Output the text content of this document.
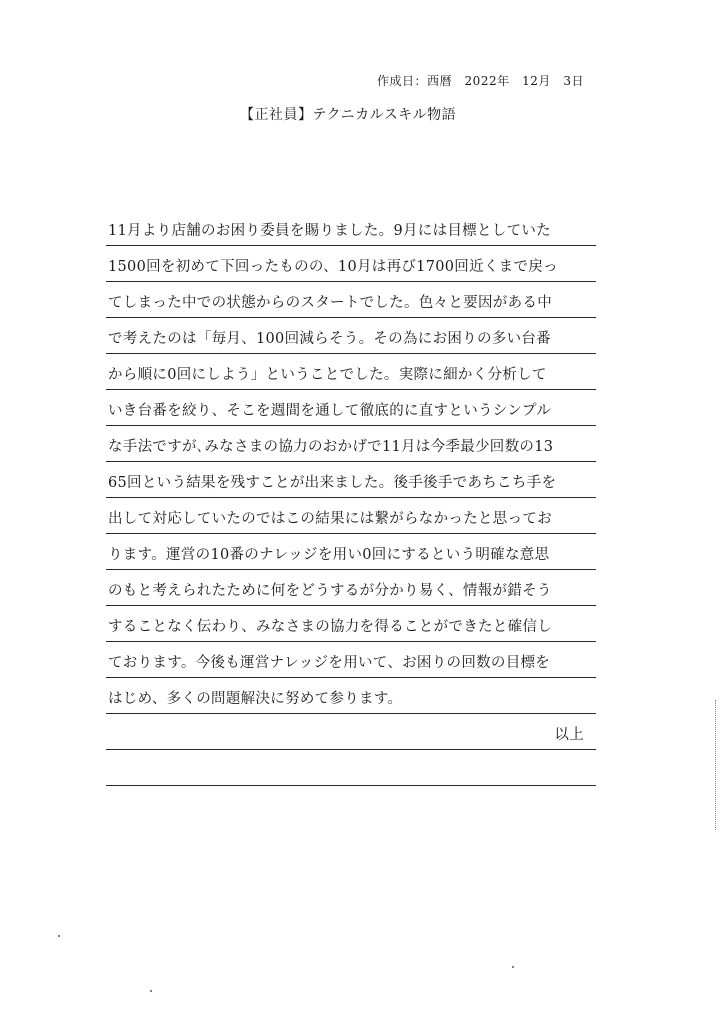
作成日：西暦　2022年　12月　3日
【正社員】テクニカルスキル物語
11月より店舗のお困り委員を賜りました。9月には目標としていた
1500回を初めて下回ったものの、10月は再び1700回近くまで戻っ
てしまった中での状態からのスタートでした。色々と要因がある中
で考えたのは「毎月、100回減らそう。その為にお困りの多い台番
から順に0回にしよう」ということでした。実際に細かく分析して
いき台番を絞り、そこを週間を通して徹底的に直すというシンプル
な手法ですが､みなさまの協力のおかげで11月は今季最少回数の13
65回という結果を残すことが出来ました。後手後手であちこち手を
出して対応していたのではこの結果には繋がらなかったと思ってお
ります。運営の10番のナレッジを用い0回にするという明確な意思
のもと考えられたために何をどうするが分かり易く、情報が錯そう
することなく伝わり、みなさまの協力を得ることができたと確信し
ております。今後も運営ナレッジを用いて、お困りの回数の目標を
はじめ、多くの問題解決に努めて参ります。
以上
